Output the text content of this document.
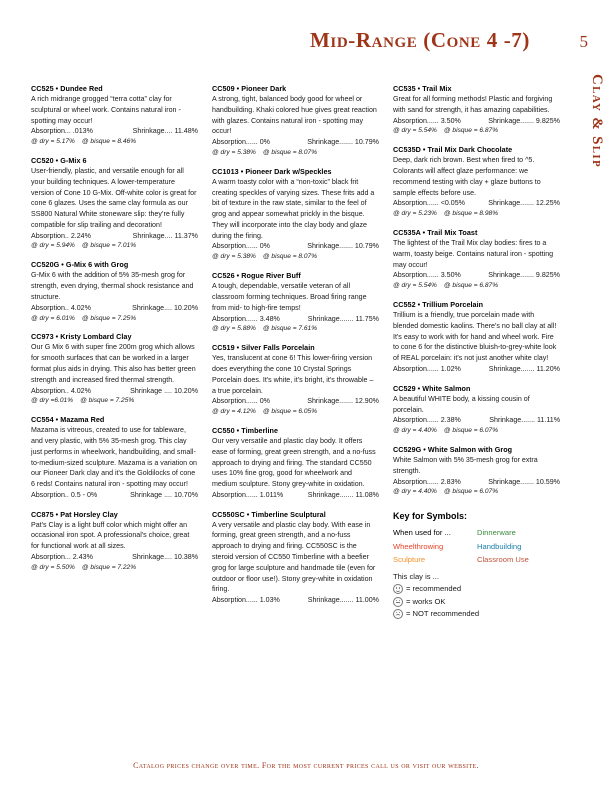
Mid-Range (Cone 4 -7)	5
Clay & Slip
CC525 • Dundee Red
A rich midrange grogged “terra cotta” clay for sculptural or wheel work. Contains natural iron - spotting may occur!
Absorption... .013%	Shrinkage.... 11.48%
@ dry = 5.17% @ bisque = 8.46%
CC520 • G-Mix 6
User-friendly, plastic, and versatile enough for all your building techniques. A lower-temperature version of Cone 10 G-Mix. Off-white color is great for cone 6 glazes. Uses the same clay formula as our SS800 Natural White stoneware slip: they’re fully compatible for slip trailing and decoration!
Absorption.. 2.24%	Shrinkage.... 11.37%
@ dry = 5.94% @ bisque = 7.01%
CC520G • G-Mix 6 with Grog
G-Mix 6 with the addition of 5% 35-mesh grog for strength, even drying, thermal shock resistance and structure.
Absorption.. 4.02%	Shrinkage.... 10.20%
@ dry = 6.01% @ bisque = 7.25%
CC973 • Kristy Lombard Clay
Our G Mix 6 with super fine 200m grog which allows for smooth surfaces that can be worked in a larger format plus aids in drying. This also has better green strength and increased fired thermal strength.
Absorption.. 4.02%	Shrinkage .... 10.20%
@ dry =6.01% @ bisque = 7.25%
CC554 • Mazama Red
Mazama is vitreous, created to use for tableware, and very plastic, with 5% 35-mesh grog. This clay just performs in wheelwork, handbuilding, and small-to-medium-sized sculpture. Mazama is a variation on our Pioneer Dark clay and it's the Goldilocks of cone 6 reds! Contains natural iron - spotting may occur!
Absorption.. 0.5 - 0%	Shrinkage .... 10.70%
CC875 • Pat Horsley Clay
Pat's Clay is a light buff color which might offer an occasional iron spot. A professional's choice, great for functional work at all sizes.
Absorption... 2.43%	Shrinkage.... 10.38%
@ dry = 5.50% @ bisque = 7.22%
CC509 • Pioneer Dark
A strong, tight, balanced body good for wheel or handbuilding. Khaki colored hue gives great reaction with glazes. Contains natural iron - spotting may occur!
Absorption...... 0%	Shrinkage....... 10.79%
@ dry = 5.38% @ bisque = 8.07%
CC1013 • Pioneer Dark w/Speckles
A warm toasty color with a “non-toxic” black frit creating speckles of varying sizes. These frits add a bit of texture in the raw state, similar to the feel of grog and appear somewhat prickly in the bisque. They will incorporate into the clay body and glaze during the firing.
Absorption...... 0%	Shrinkage....... 10.79%
@ dry = 5.38% @ bisque = 8.07%
CC526 • Rogue River Buff
A tough, dependable, versatile veteran of all classroom forming techniques. Broad firing range from mid- to high-fire temps!
Absorption...... 3.48%	Shrinkage....... 11.75%
@ dry = 5.88% @ bisque = 7.61%
CC519 • Silver Falls Porcelain
Yes, translucent at cone 6! This lower-firing version does everything the cone 10 Crystal Springs Porcelain does. It's white, it's bright, it's throwable – a true porcelain.
Absorption...... 0%	Shrinkage....... 12.90%
@ dry = 4.12% @ bisque = 6.05%
CC550 • Timberline
Our very versatile and plastic clay body. It offers ease of forming, great green strength, and a no-fuss approach to drying and firing. The standard CC550 uses 10% fine grog, good for wheelwork and medium sculpture. Stony grey-white in oxidation.
Absorption...... 1.011%	Shrinkage....... 11.08%
CC550SC • Timberline Sculptural
A very versatile and plastic clay body. With ease in forming, great green strength, and a no-fuss approach to drying and firing. CC550SC is the steroid version of CC550 Timberline with a beefier grog for large sculpture and handmade tile (even for outdoor or floor use!). Stony grey-white in oxidation firing.
Absorption...... 1.03%	Shrinkage....... 11.00%
CC535 • Trail Mix
Great for all forming methods! Plastic and forgiving with sand for strength, it has amazing capabilities.
Absorption...... 3.50%	Shrinkage....... 9.825%
@ dry = 5.54% @ bisque = 6.87%
CC535D • Trail Mix Dark Chocolate
Deep, dark rich brown. Best when fired to ^5. Colorants will affect glaze performance: we recommend testing with clay + glaze buttons to sample effects before use.
Absorption...... <0.05%	Shrinkage....... 12.25%
@ dry = 5.23% @ bisque = 8.98%
CC535A • Trail Mix Toast
The lightest of the Trail Mix clay bodies: fires to a warm, toasty beige. Contains natural iron - spotting may occur!
Absorption...... 3.50%	Shrinkage....... 9.825%
@ dry = 5.54% @ bisque = 6.87%
CC552 • Trillium Porcelain
Trillium is a friendly, true porcelain made with blended domestic kaolins. There's no ball clay at all! It's easy to work with for hand and wheel work. Fire to cone 6 for the distinctive bluish-to-grey-white look of REAL porcelain: it's not just another white clay!
Absorption...... 1.02%	Shrinkage....... 11.20%
CC529 • White Salmon
A beautiful WHITE body, a kissing cousin of porcelain.
Absorption...... 2.38%	Shrinkage....... 11.11%
@ dry = 4.40% @ bisque = 6.07%
CC529G • White Salmon with Grog
White Salmon with 5% 35-mesh grog for extra strength.
Absorption...... 2.83%	Shrinkage....... 10.59%
@ dry = 4.40% @ bisque = 6.07%
Key for Symbols:
When used for ...	Dinnerware
Wheelthrowing	Handbuilding
Sculpture	Classroom Use
This clay is ...
= recommended
= works OK
= NOT recommended
Catalog prices change over time. For the most current prices call us or visit our website.
